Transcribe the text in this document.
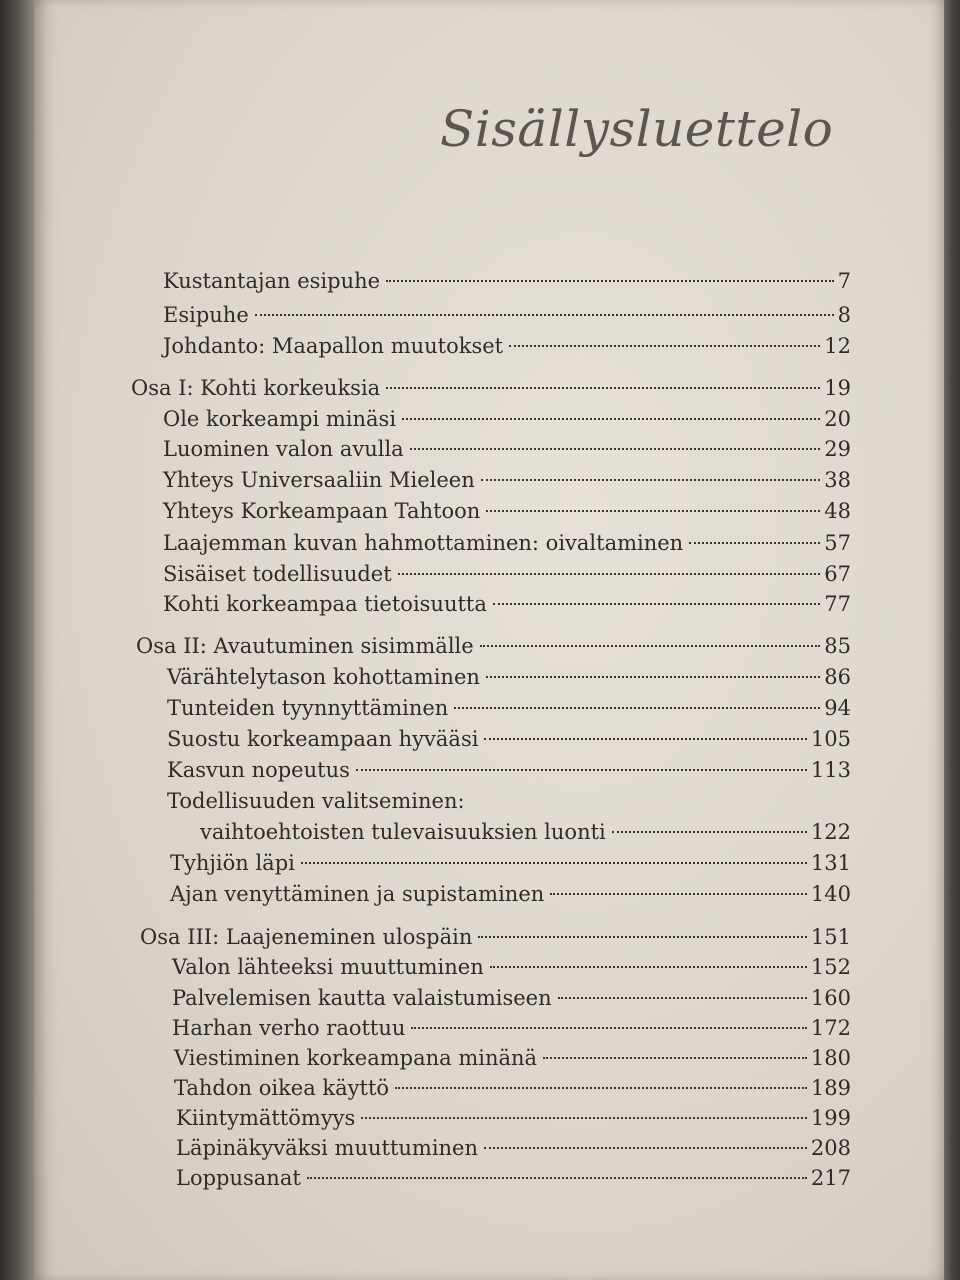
Sisällysluettelo
Kustantajan esipuhe	7
Esipuhe	8
Johdanto: Maapallon muutokset	12
Osa I: Kohti korkeuksia	19
Ole korkeampi minäsi	20
Luominen valon avulla	29
Yhteys Universaaliin Mieleen	38
Yhteys Korkeampaan Tahtoon	48
Laajemman kuvan hahmottaminen: oivaltaminen	57
Sisäiset todellisuudet	67
Kohti korkeampaa tietoisuutta	77
Osa II: Avautuminen sisimmälle	85
Värähtelytason kohottaminen	86
Tunteiden tyynnyttäminen	94
Suostu korkeampaan hyvääsi	105
Kasvun nopeutus	113
Todellisuuden valitseminen:
vaihtoehtoisten tulevaisuuksien luonti	122
Tyhjiön läpi	131
Ajan venyttäminen ja supistaminen	140
Osa III: Laajeneminen ulospäin	151
Valon lähteeksi muuttuminen	152
Palvelemisen kautta valaistumiseen	160
Harhan verho raottuu	172
Viestiminen korkeampana minänä	180
Tahdon oikea käyttö	189
Kiintymättömyys	199
Läpinäkyväksi muuttuminen	208
Loppusanat	217
